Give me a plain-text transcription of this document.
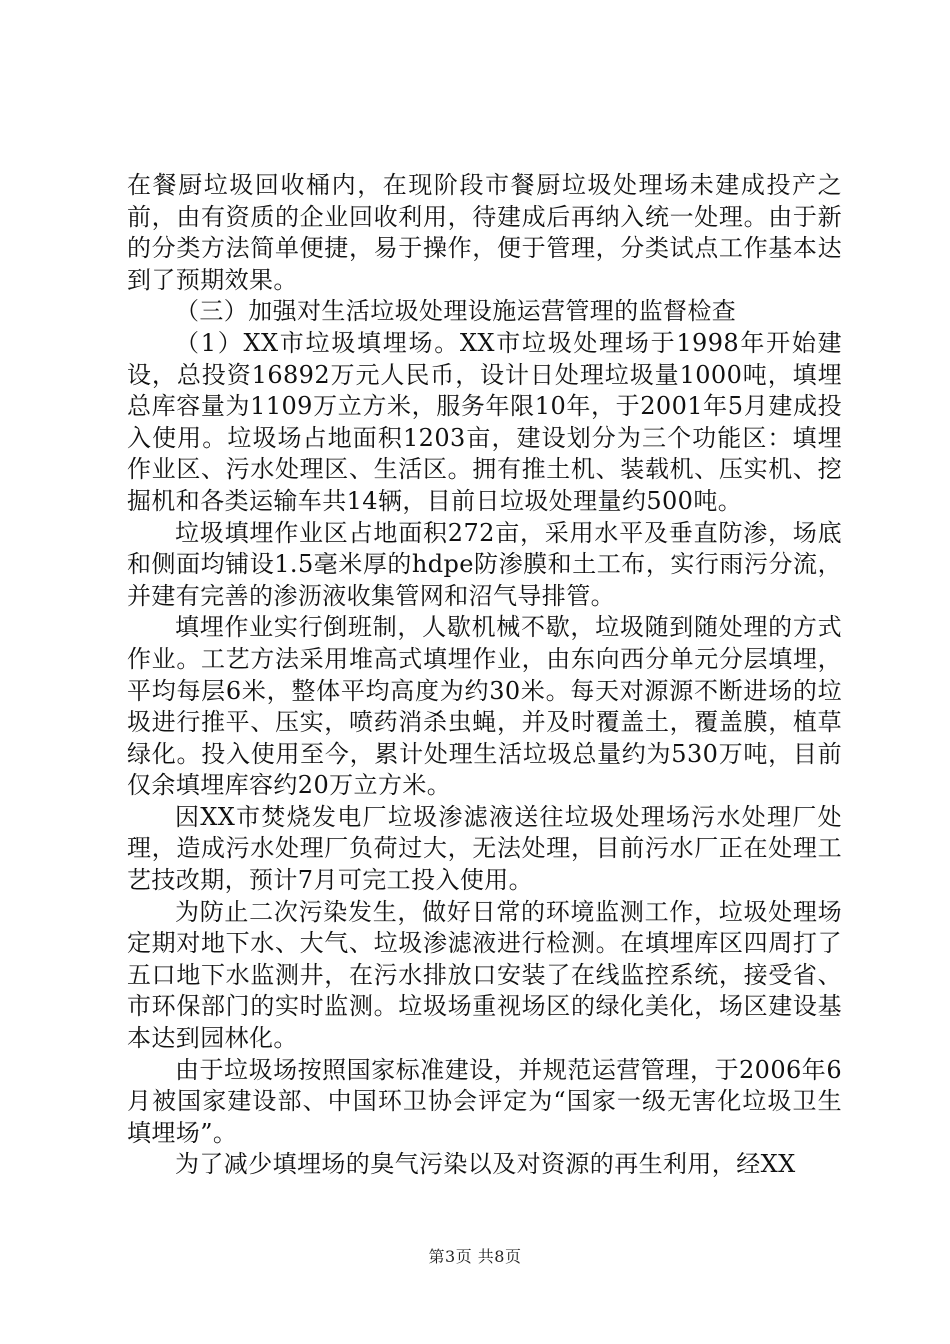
在餐厨垃圾回收桶内，在现阶段市餐厨垃圾处理场未建成投产之前，由有资质的企业回收利用，待建成后再纳入统一处理。由于新的分类方法简单便捷，易于操作，便于管理，分类试点工作基本达到了预期效果。

（三）加强对生活垃圾处理设施运营管理的监督检查

（1）XX市垃圾填埋场。XX市垃圾处理场于1998年开始建设，总投资16892万元人民币，设计日处理垃圾量1000吨，填埋总库容量为1109万立方米，服务年限10年，于2001年5月建成投入使用。垃圾场占地面积1203亩，建设划分为三个功能区：填埋作业区、污水处理区、生活区。拥有推土机、装载机、压实机、挖掘机和各类运输车共14辆，目前日垃圾处理量约500吨。

垃圾填埋作业区占地面积272亩，采用水平及垂直防渗，场底和侧面均铺设1.5毫米厚的hdpe防渗膜和土工布，实行雨污分流，并建有完善的渗沥液收集管网和沼气导排管。

填埋作业实行倒班制，人歇机械不歇，垃圾随到随处理的方式作业。工艺方法采用堆高式填埋作业，由东向西分单元分层填埋，平均每层6米，整体平均高度为约30米。每天对源源不断进场的垃圾进行推平、压实，喷药消杀虫蝇，并及时覆盖土，覆盖膜，植草绿化。投入使用至今，累计处理生活垃圾总量约为530万吨，目前仅余填埋库容约20万立方米。

因XX市焚烧发电厂垃圾渗滤液送往垃圾处理场污水处理厂处理，造成污水处理厂负荷过大，无法处理，目前污水厂正在处理工艺技改期，预计7月可完工投入使用。

为防止二次污染发生，做好日常的环境监测工作，垃圾处理场定期对地下水、大气、垃圾渗滤液进行检测。在填埋库区四周打了五口地下水监测井，在污水排放口安装了在线监控系统，接受省、市环保部门的实时监测。垃圾场重视场区的绿化美化，场区建设基本达到园林化。

由于垃圾场按照国家标准建设，并规范运营管理，于2006年6月被国家建设部、中国环卫协会评定为“国家一级无害化垃圾卫生填埋场”。

为了减少填埋场的臭气污染以及对资源的再生利用，经XX

第3页 共8页
